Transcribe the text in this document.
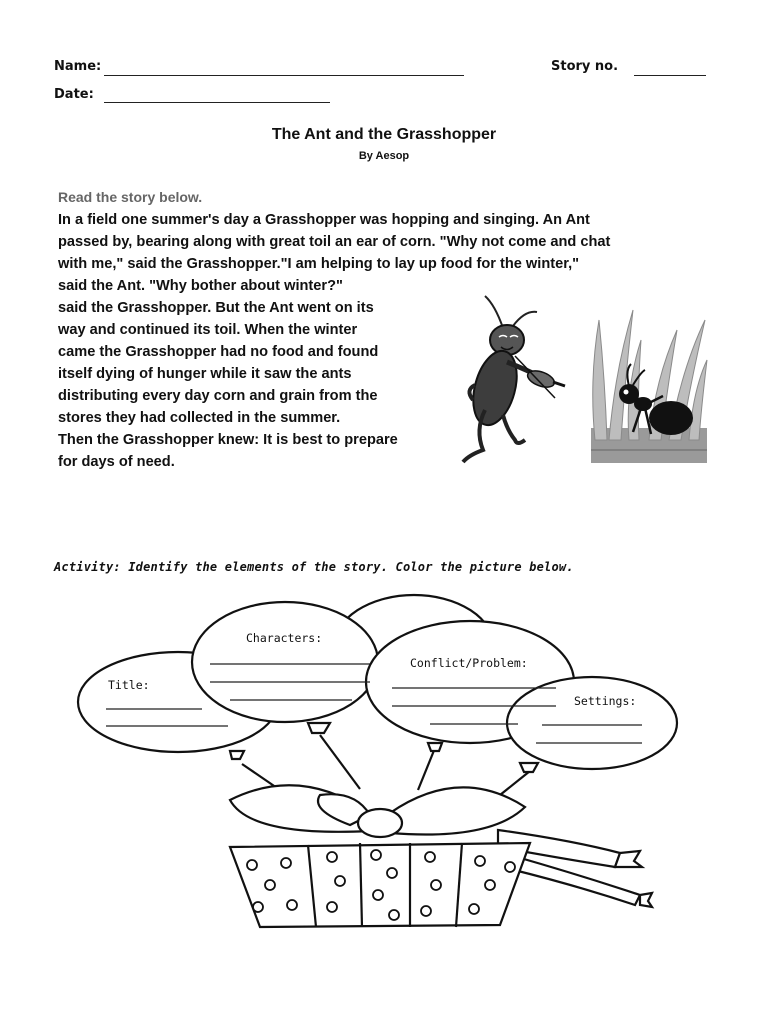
Name:	Story no.
Date:
The Ant and the Grasshopper
By Aesop
Read the story below.
In a field one summer's day a Grasshopper was hopping and singing. An Ant
passed by, bearing along with great toil an ear of corn. "Why not come and chat
with me," said the Grasshopper."I am helping to lay up food for the winter,"
said the Ant. "Why bother about winter?"
said the Grasshopper. But the Ant went on its
way and continued its toil. When the winter
came the Grasshopper had no food and found
itself dying of hunger while it saw the ants
distributing every day corn and grain from the
stores they had collected in the summer.
Then the Grasshopper knew: It is best to prepare
for days of need.
Activity: Identify the elements of the story. Color the picture below.
Title:
Characters:
Conflict/Problem:
Settings:
